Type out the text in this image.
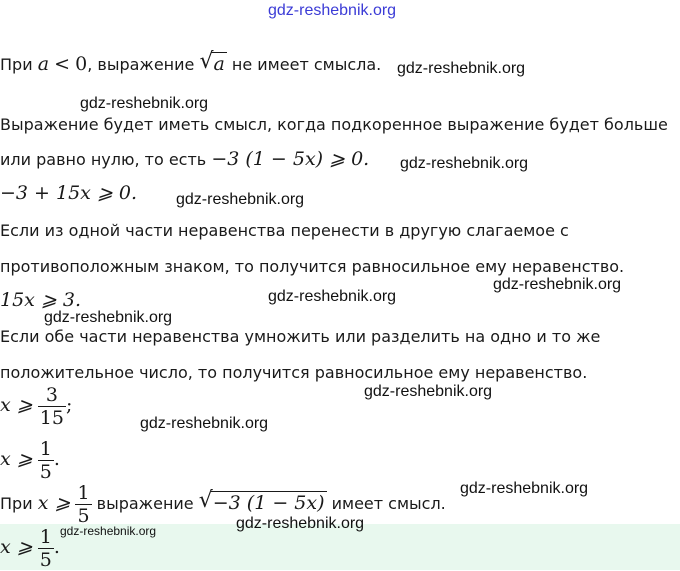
gdz-reshebnik.org
gdz-reshebnik.org
gdz-reshebnik.org
gdz-reshebnik.org
gdz-reshebnik.org
gdz-reshebnik.org
gdz-reshebnik.org
gdz-reshebnik.org
gdz-reshebnik.org
gdz-reshebnik.org
gdz-reshebnik.org
gdz-reshebnik.org
gdz-reshebnik.org
При a < 0, выражение √ a не имеет смысла.
Выражение будет иметь смысл, когда подкоренное выражение будет больше
или равно нулю, то есть −3 (1 − 5x) ⩾ 0.
−3 + 15x ⩾ 0.
Если из одной части неравенства перенести в другую слагаемое с
противоположным знаком, то получится равносильное ему неравенство.
15x ⩾ 3.
Если обе части неравенства умножить или разделить на одно и то же
положительное число, то получится равносильное ему неравенство.
x ⩾ $\frac{3}{15}$ ;
x ⩾ $\frac{1}{5}$ .
При x ⩾ $\frac{1}{5}$ выражение √ −3 (1 − 5x) имеет смысл.
x ⩾ $\frac{1}{5}$ .
